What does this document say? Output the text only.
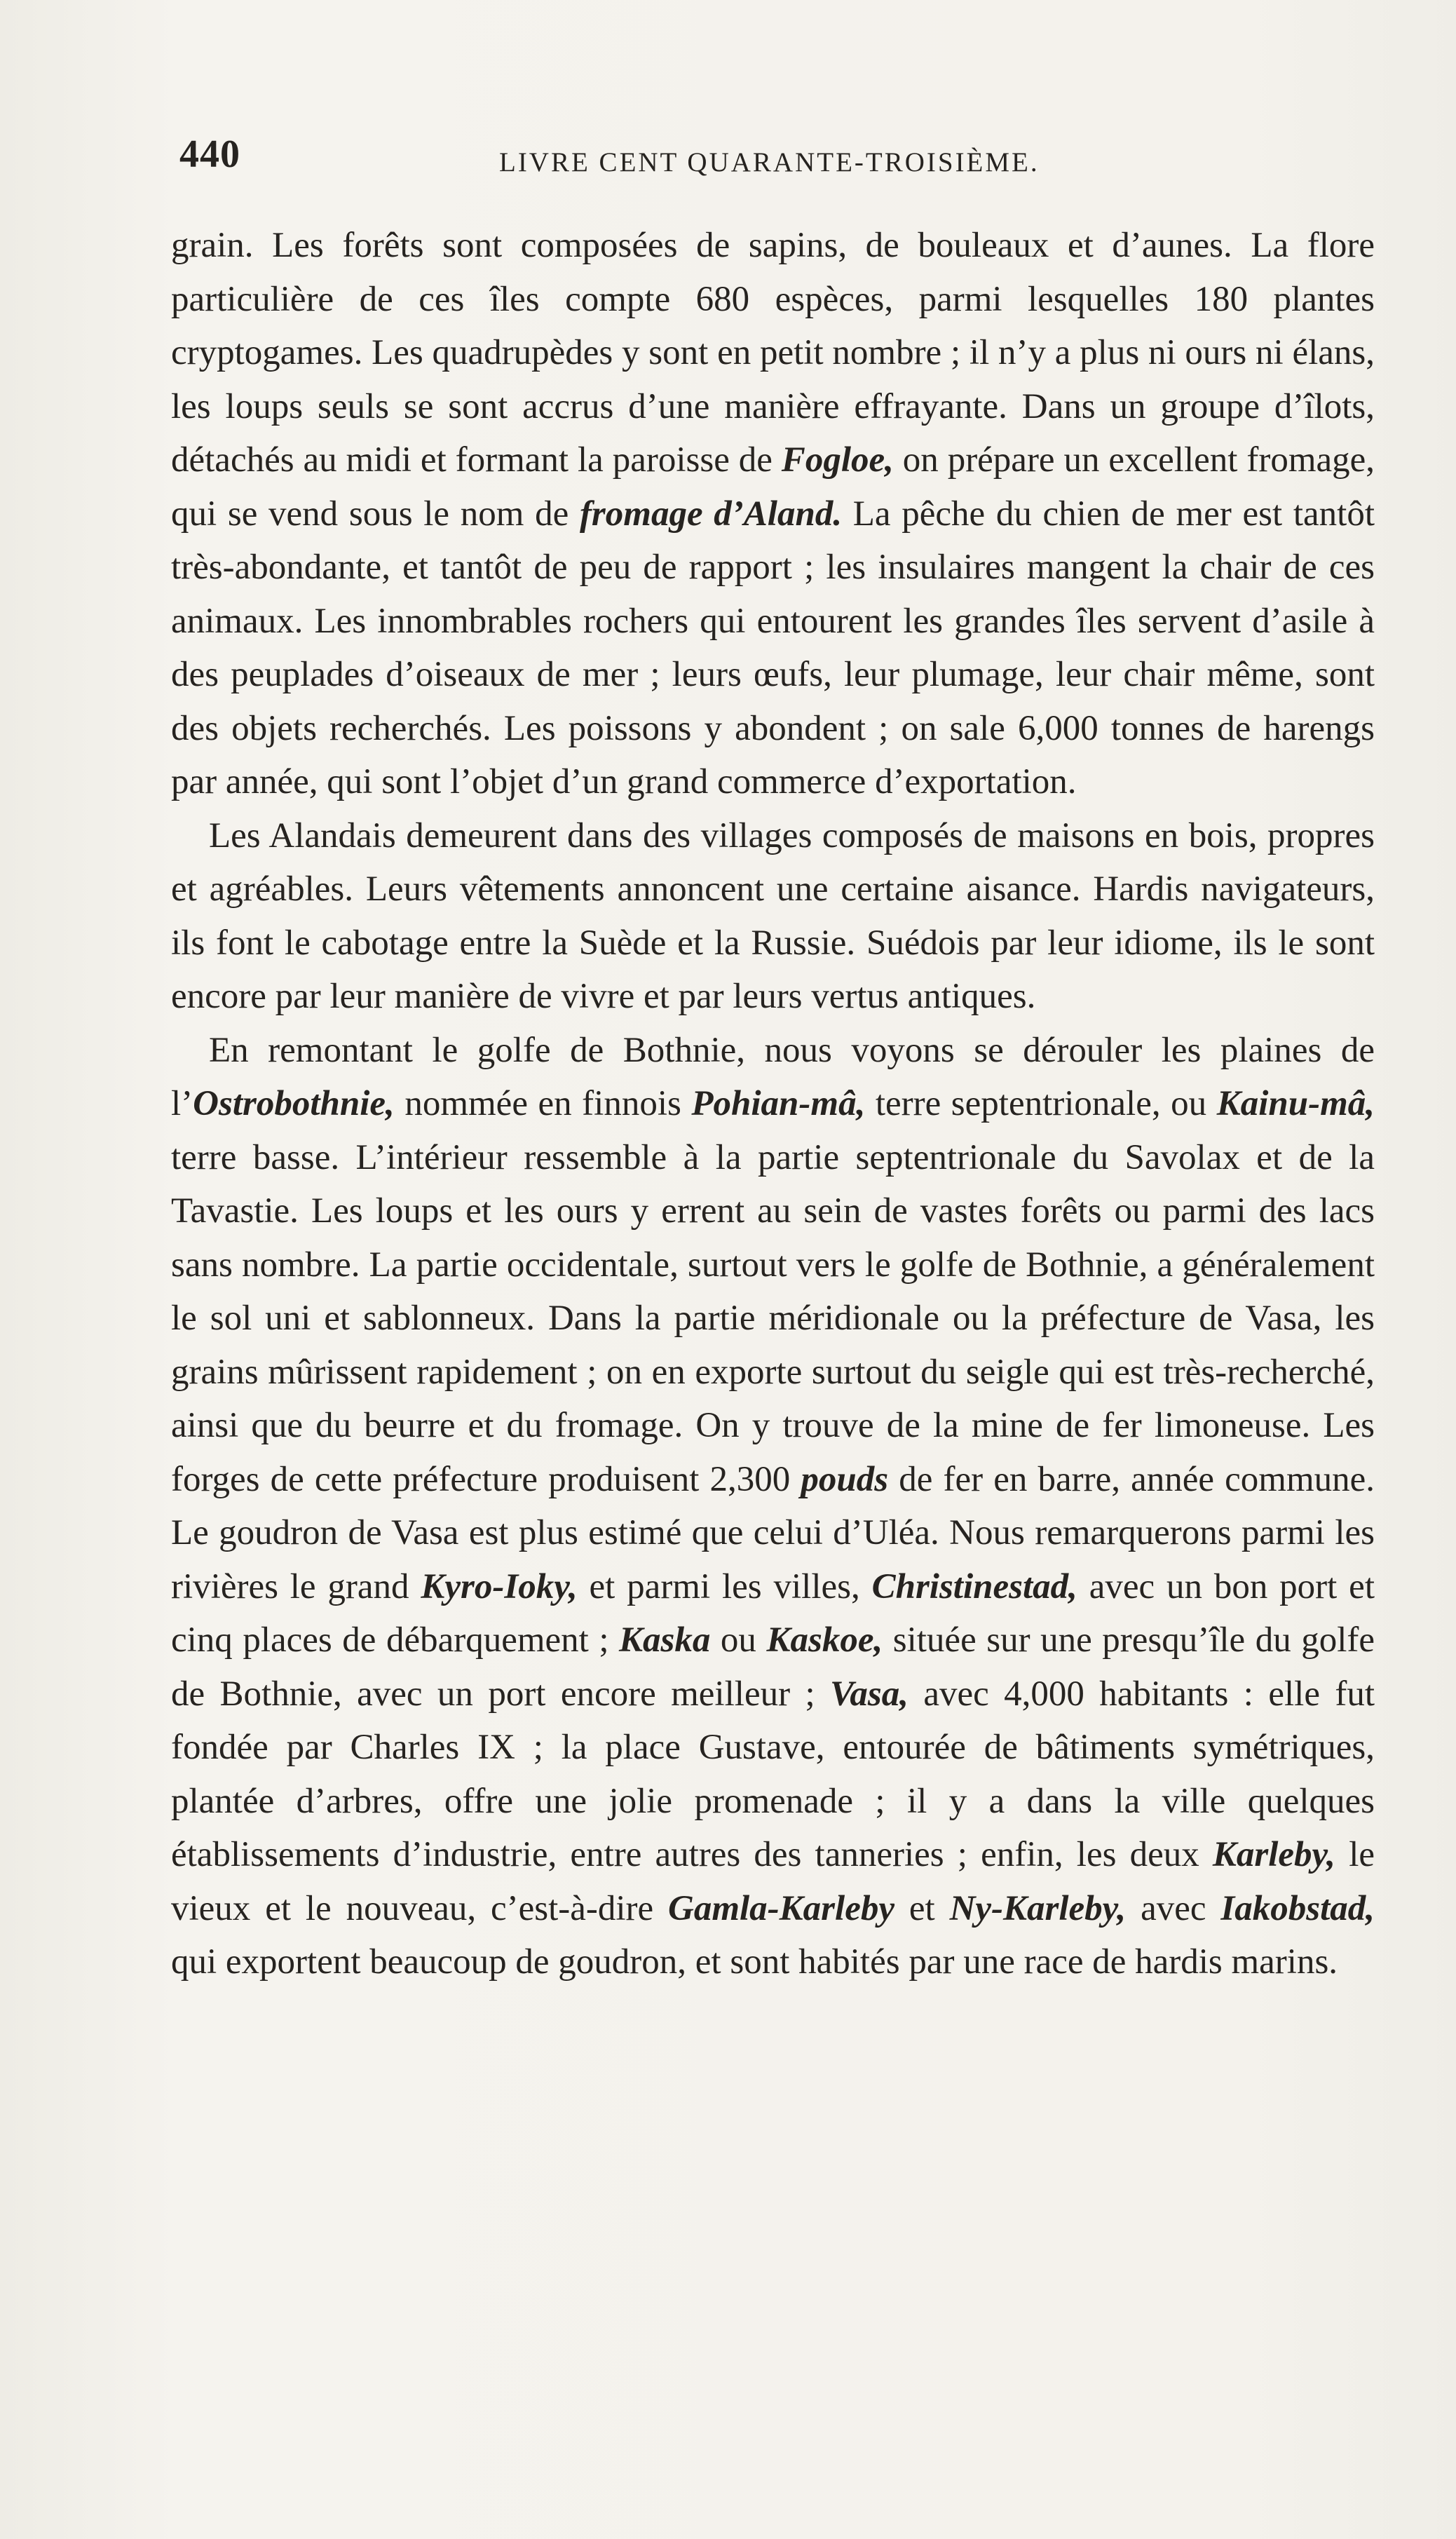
440	LIVRE CENT QUARANTE-TROISIÈME.

grain. Les forêts sont composées de sapins, de bouleaux et d’aunes. La flore particulière de ces îles compte 680 espèces, parmi lesquelles 180 plantes cryptogames. Les quadrupèdes y sont en petit nombre ; il n’y a plus ni ours ni élans, les loups seuls se sont accrus d’une manière effrayante. Dans un groupe d’îlots, détachés au midi et formant la paroisse de Fogloe, on prépare un excellent fromage, qui se vend sous le nom de fromage d’Aland. La pêche du chien de mer est tantôt très-abondante, et tantôt de peu de rapport ; les insulaires mangent la chair de ces animaux. Les innombrables rochers qui entourent les grandes îles servent d’asile à des peuplades d’oiseaux de mer ; leurs œufs, leur plumage, leur chair même, sont des objets recherchés. Les poissons y abondent ; on sale 6,000 tonnes de harengs par année, qui sont l’objet d’un grand commerce d’exportation.

Les Alandais demeurent dans des villages composés de maisons en bois, propres et agréables. Leurs vêtements annoncent une certaine aisance. Hardis navigateurs, ils font le cabotage entre la Suède et la Russie. Suédois par leur idiome, ils le sont encore par leur manière de vivre et par leurs vertus antiques.

En remontant le golfe de Bothnie, nous voyons se dérouler les plaines de l’Ostrobothnie, nommée en finnois Pohian-mâ, terre septentrionale, ou Kainu-mâ, terre basse. L’intérieur ressemble à la partie septentrionale du Savolax et de la Tavastie. Les loups et les ours y errent au sein de vastes forêts ou parmi des lacs sans nombre. La partie occidentale, surtout vers le golfe de Bothnie, a généralement le sol uni et sablonneux. Dans la partie méridionale ou la préfecture de Vasa, les grains mûrissent rapidement ; on en exporte surtout du seigle qui est très-recherché, ainsi que du beurre et du fromage. On y trouve de la mine de fer limoneuse. Les forges de cette préfecture produisent 2,300 pouds de fer en barre, année commune. Le goudron de Vasa est plus estimé que celui d’Uléa. Nous remarquerons parmi les rivières le grand Kyro-Ioky, et parmi les villes, Christinestad, avec un bon port et cinq places de débarquement ; Kaska ou Kaskoe, située sur une presqu’île du golfe de Bothnie, avec un port encore meilleur ; Vasa, avec 4,000 habitants : elle fut fondée par Charles IX ; la place Gustave, entourée de bâtiments symétriques, plantée d’arbres, offre une jolie promenade ; il y a dans la ville quelques établissements d’industrie, entre autres des tanneries ; enfin, les deux Karleby, le vieux et le nouveau, c’est-à-dire Gamla-Karleby et Ny-Karleby, avec Iakobstad, qui exportent beaucoup de goudron, et sont habités par une race de hardis marins.
